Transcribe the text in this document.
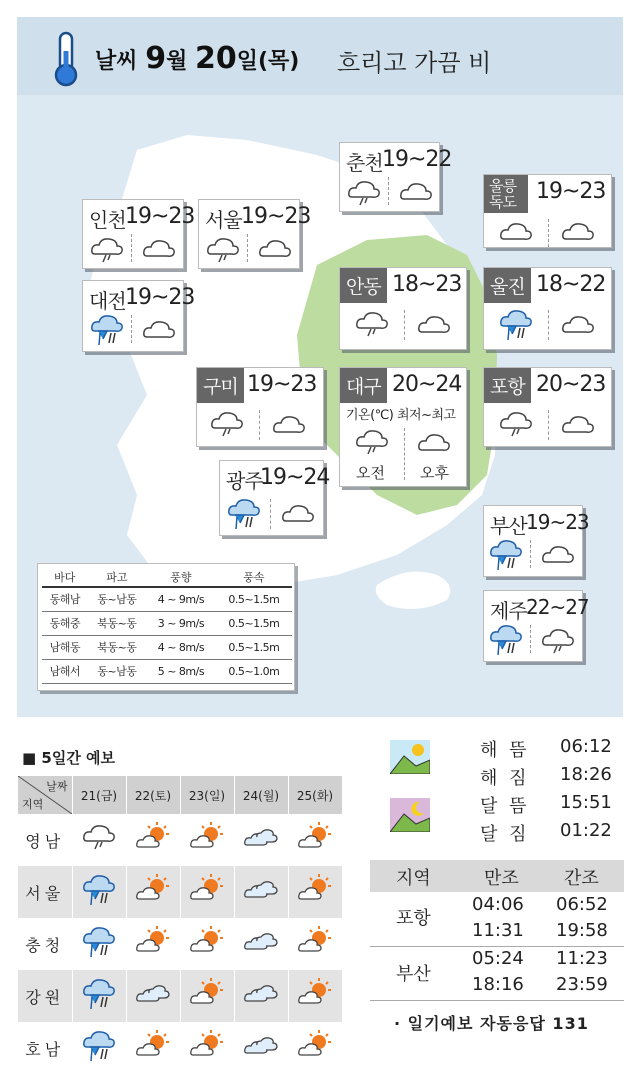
날씨 9월 20일(목) 흐리고 가끔 비
춘천 19~22
울릉 독도 19~23
인천 19~23 서울 19~23
대전 19~23	안동 18~23	울진 18~22
구미 19~23	대구 20~24
기온(℃) 최저~최고
오전 오후
포항 20~23
광주
19~24
부산 19~23
제주 22~27
바다	파고	풍향	풍속
동해남	동~남동	4 ~ 9m/s	0.5~1.5m
동해중	북동~동	3 ~ 9m/s	0.5~1.5m
남해동	북동~동	4 ~ 8m/s	0.5~1.5m
남해서	동~남동	5 ~ 8m/s	0.5~1.0m
■ 5일간 예보
날짜
지역	21(금)	22(토)	23(일)	24(월)	25(화)
영남					
서울					
충청					
강원					
호남					
해 뜸 06:12
해 짐 18:26
달 뜸 15:51
달 짐 01:22
지역	만조	간조
포항
04:06 06:52
11:31 19:58
부산
05:24 11:23
18:16 23:59
· 일기예보 자동응답 131
